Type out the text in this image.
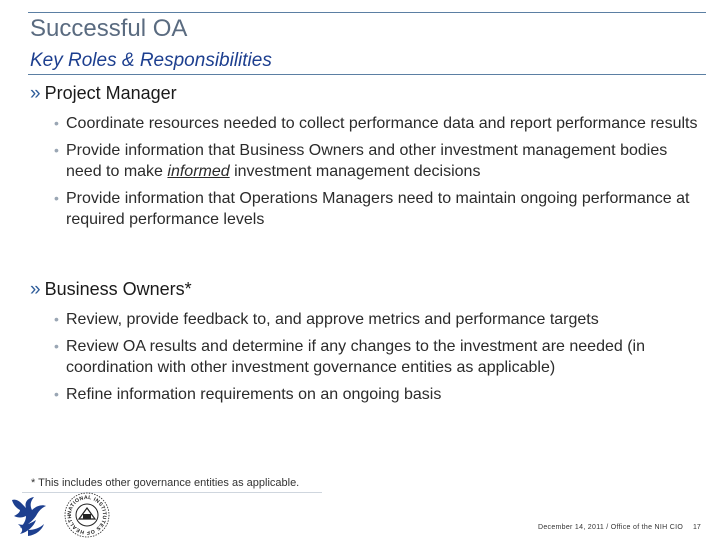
Successful OA
Key Roles & Responsibilities
» Project Manager
• Coordinate resources needed to collect performance data and report performance results
• Provide information that Business Owners and other investment management bodies need to make informed investment management decisions
• Provide information that Operations Managers need to maintain ongoing performance at required performance levels
» Business Owners*
• Review, provide feedback to, and approve metrics and performance targets
• Review OA results and determine if any changes to the investment are needed (in coordination with other investment governance entities as applicable)
• Refine information requirements on an ongoing basis
* This includes other governance entities as applicable.
NATIONAL INSTITUTES OF HEALTH
December 14, 2011 / Office of the NIH CIO 17
